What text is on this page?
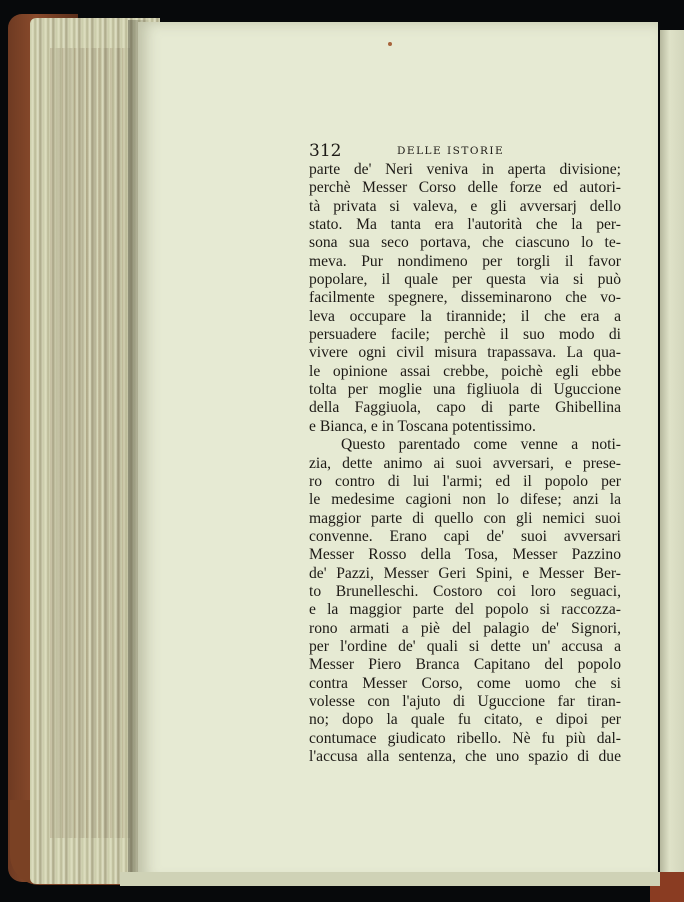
312	DELLE ISTORIE
parte de' Neri veniva in aperta divisione;
perchè Messer Corso delle forze ed autori-
tà privata si valeva, e gli avversarj dello
stato. Ma tanta era l'autorità che la per-
sona sua seco portava, che ciascuno lo te-
meva. Pur nondimeno per torgli il favor
popolare, il quale per questa via si può
facilmente spegnere, disseminarono che vo-
leva occupare la tirannide; il che era a
persuadere facile; perchè il suo modo di
vivere ogni civil misura trapassava. La qua-
le opinione assai crebbe, poichè egli ebbe
tolta per moglie una figliuola di Uguccione
della Faggiuola, capo di parte Ghibellina
e Bianca, e in Toscana potentissimo.
Questo parentado come venne a noti-
zia, dette animo ai suoi avversari, e prese-
ro contro di lui l'armi; ed il popolo per
le medesime cagioni non lo difese; anzi la
maggior parte di quello con gli nemici suoi
convenne. Erano capi de' suoi avversari
Messer Rosso della Tosa, Messer Pazzino
de' Pazzi, Messer Geri Spini, e Messer Ber-
to Brunelleschi. Costoro coi loro seguaci,
e la maggior parte del popolo si raccozza-
rono armati a piè del palagio de' Signori,
per l'ordine de' quali si dette un' accusa a
Messer Piero Branca Capitano del popolo
contra Messer Corso, come uomo che si
volesse con l'ajuto di Uguccione far tiran-
no; dopo la quale fu citato, e dipoi per
contumace giudicato ribello. Nè fu più dal-
l'accusa alla sentenza, che uno spazio di due
